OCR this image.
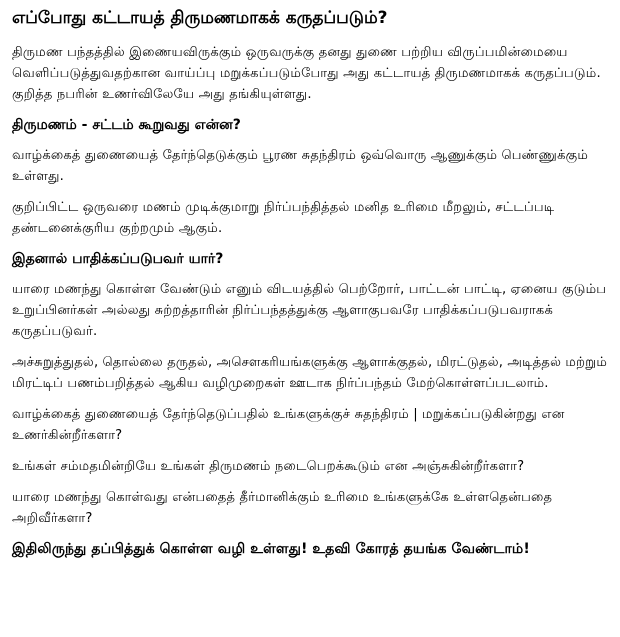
எப்போது கட்டாயத் திருமணமாகக் கருதப்படும்?

திருமண பந்தத்தில் இணையவிருக்கும் ஒருவருக்கு தனது துணை பற்றிய விருப்பமின்மையை வெளிப்படுத்துவதற்கான வாய்ப்பு மறுக்கப்படும்போது அது கட்டாயத் திருமணமாகக் கருதப்படும். குறித்த நபரின் உணர்விலேயே அது தங்கியுள்ளது.

திருமணம் - சட்டம் கூறுவது என்ன?

வாழ்க்கைத் துணையைத் தேர்ந்தெடுக்கும் பூரண சுதந்திரம் ஒவ்வொரு ஆணுக்கும் பெண்ணுக்கும் உள்ளது.

குறிப்பிட்ட ஒருவரை மணம் முடிக்குமாறு நிர்ப்பந்தித்தல் மனித உரிமை மீறலும், சட்டப்படி தண்டனைக்குரிய குற்றமும் ஆகும்.

இதனால் பாதிக்கப்படுபவர் யார்?

யாரை மணந்து கொள்ள வேண்டும் எனும் விடயத்தில் பெற்றோர், பாட்டன் பாட்டி, ஏனைய குடும்ப உறுப்பினர்கள் அல்லது சுற்றத்தாரின் நிர்ப்பந்தத்துக்கு ஆளாகுபவரே பாதிக்கப்படுபவராகக் கருதப்படுவர்.

அச்சுறுத்துதல், தொல்லை தருதல், அசௌகரியங்களுக்கு ஆளாக்குதல், மிரட்டுதல், அடித்தல் மற்றும் மிரட்டிப் பணம்பறித்தல் ஆகிய வழிமுறைகள் ஊடாக நிர்ப்பந்தம் மேற்கொள்ளப்படலாம்.

வாழ்க்கைத் துணையைத் தேர்ந்தெடுப்பதில் உங்களுக்குச் சுதந்திரம் | மறுக்கப்படுகின்றது என உணர்கின்றீர்களா?

உங்கள் சம்மதமின்றியே உங்கள் திருமணம் நடைபெறக்கூடும் என அஞ்சுகின்றீர்களா?

யாரை மணந்து கொள்வது என்பதைத் தீர்மானிக்கும் உரிமை உங்களுக்கே உள்ளதென்பதை அறிவீர்களா?

இதிலிருந்து தப்பித்துக் கொள்ள வழி உள்ளது! உதவி கோரத் தயங்க வேண்டாம்!
